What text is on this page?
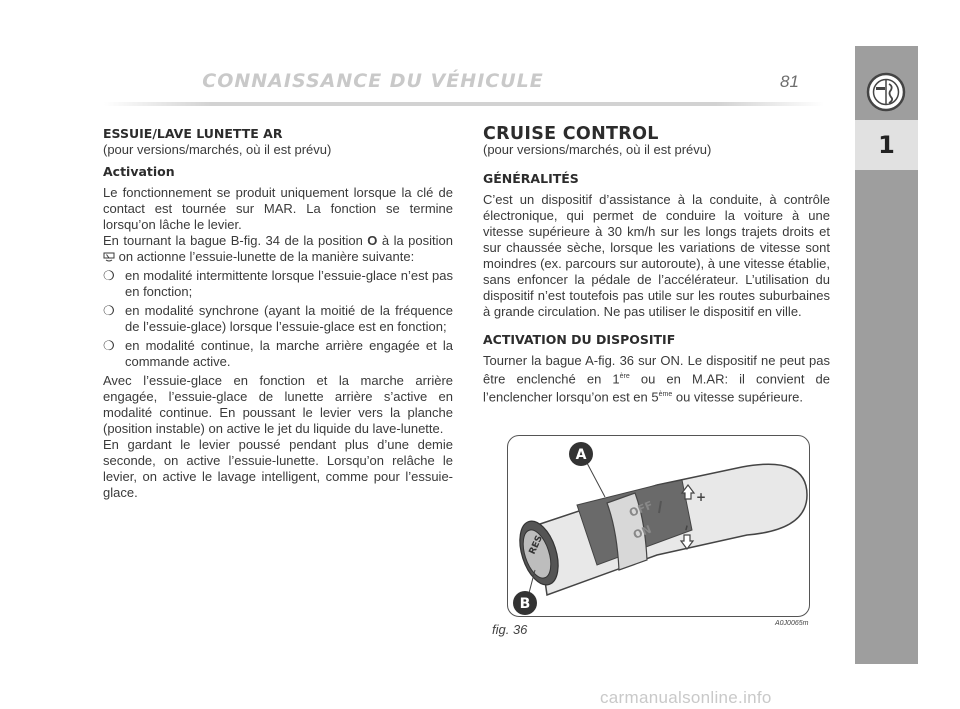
CONNAISSANCE DU VÉHICULE	81
1
ESSUIE/LAVE LUNETTE AR

(pour versions/marchés, où il est prévu)

Activation

Le fonctionnement se produit uniquement lorsque la clé de contact est tournée sur MAR. La fonction se termine lorsqu’on lâche le levier.

En tournant la bague B-fig. 34 de la position O à la position  on actionne l’essuie-lunette de la manière suivante:

❍ en modalité intermittente lorsque l’essuie-glace n’est pas en fonction;
❍ en modalité synchrone (ayant la moitié de la fréquence de l’essuie-glace) lorsque l’essuie-glace est en fonction;
❍ en modalité continue, la marche arrière engagée et la commande active.

Avec l’essuie-glace en fonction et la marche arrière engagée, l’essuie-glace de lunette arrière s’active en modalité continue. En poussant le levier vers la planche (position instable) on active le jet du liquide du lave-lunette.

En gardant le levier poussé pendant plus d’une demie seconde, on active l’essuie-lunette. Lorsqu’on relâche le levier, on active le lavage intelligent, comme pour l’essuie-glace.

CRUISE CONTROL

(pour versions/marchés, où il est prévu)

GÉNÉRALITÉS

C’est un dispositif d’assistance à la conduite, à contrôle électronique, qui permet de conduire la voiture à une vitesse supérieure à 30 km/h sur les longs trajets droits et sur chaussée sèche, lorsque les variations de vitesse sont moindres (ex. parcours sur autoroute), à une vitesse établie, sans enfoncer la pédale de l’accélérateur. L’utilisation du dispositif n’est toutefois pas utile sur les routes suburbaines à grande circulation. Ne pas utiliser le dispositif en ville.

ACTIVATION DU DISPOSITIF

Tourner la bague A-fig. 36 sur ON. Le dispositif ne peut pas être enclenché en 1ère ou en M.AR: il convient de l’enclencher lorsqu’on est en 5ème ou vitesse supérieure.

RES
OFF
ON
+
–
A
B
fig. 36	A0J0065m
carmanualsonline.info
